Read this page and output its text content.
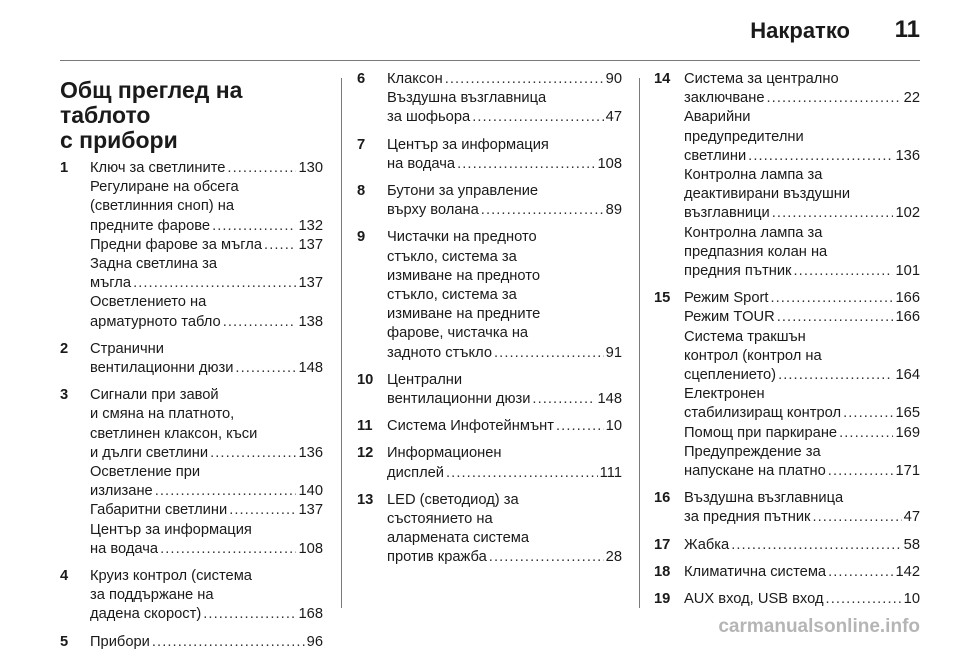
Накратко 11
Общ преглед на таблото
с прибори
1	Ключ за светлините . . .	130
Регулиране на обсега
(светлинния сноп) на
предните фарове . . .	132
Предни фарове за мъгла . . . 137
Задна светлина за
мъгла . . .	137
Осветлението на
арматурното табло . . .	138
2	Странични
вентилационни дюзи . . .	148
3	Сигнали при завой
и смяна на платното,
светлинен клаксон, къси
и дълги светлини . . .	136
Осветление при
излизане . . .	140
Габаритни светлини . . .	137
Център за информация
на водача . . .	108
4	Круиз контрол (система
за поддържане на
дадена скорост) . . .	168
5	Прибори . . .	96
6	Клаксон . . .	90
Въздушна възглавница
за шофьора . . .	47
7	Център за информация
на водача . . .	108
8	Бутони за управление
върху волана . . .	89
9	Чистачки на предното
стъкло, система за
измиване на предното
стъкло, система за
измиване на предните
фарове, чистачка на
задното стъкло . . .	91
10 Централни
вентилационни дюзи . . .	148
11 Система Инфотейнмънт . . .	10
12 Информационен
дисплей . . .	111
13 LED (светодиод) за
състоянието на
алармената система
против кражба . . .	28
14 Система за централно
заключване . . .	22
Аварийни
предупредителни
светлини . . .	136
Контролна лампа за
деактивирани въздушни
възглавници . . .	102
Контролна лампа за
предпазния колан на
предния пътник . . .	101
15 Режим Sport . . .	166
Режим TOUR . . .	166
Система тракшън
контрол (контрол на
сцеплението) . . .	164
Електронен
стабилизиращ контрол . . .	165
Помощ при паркиране . . .	169
Предупреждение за
напускане на платно . . .	171
16 Въздушна възглавница
за предния пътник . . .	47
17 Жабка . . .	58
18 Климатична система . . .	142
19 AUX вход, USB вход . . .	10
carmanualsonline.info
